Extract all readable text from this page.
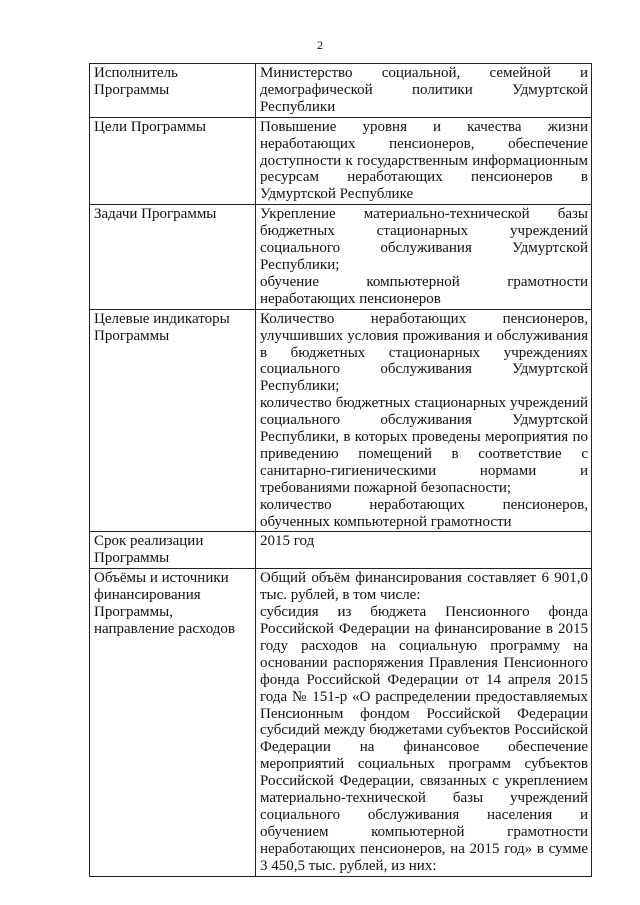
2
Исполнитель Программы	Министерство социальной, семейной и демографической политики Удмуртской Республики

Цели Программы	Повышение уровня и качества жизни неработающих пенсионеров, обеспечение доступности к государственным информационным ресурсам неработающих пенсионеров в Удмуртской Республике

Задачи Программы	Укрепление материально-технической базы бюджетных стационарных учреждений социального обслуживания Удмуртской Республики;
обучение компьютерной грамотности неработающих пенсионеров

Целевые индикаторы Программы	Количество неработающих пенсионеров, улучшивших условия проживания и обслуживания в бюджетных стационарных учреждениях социального обслуживания Удмуртской Республики;
количество бюджетных стационарных учреждений социального обслуживания Удмуртской Республики, в которых проведены мероприятия по приведению помещений в соответствие с санитарно-гигиеническими нормами и требованиями пожарной безопасности;
количество неработающих пенсионеров, обученных компьютерной грамотности

Срок реализации Программы	2015 год

Объёмы и источники финансирования Программы, направление расходов	Общий объём финансирования составляет 6 901,0 тыс. рублей, в том числе:
субсидия из бюджета Пенсионного фонда Российской Федерации на финансирование в 2015 году расходов на социальную программу на основании распоряжения Правления Пенсионного фонда Российской Федерации от 14 апреля 2015 года № 151-р «О распределении предоставляемых Пенсионным фондом Российской Федерации субсидий между бюджетами субъектов Российской Федерации на финансовое обеспечение мероприятий социальных программ субъектов Российской Федерации, связанных с укреплением материально-технической базы учреждений социального обслуживания населения и обучением компьютерной грамотности неработающих пенсионеров, на 2015 год» в сумме 3 450,5 тыс. рублей, из них:
